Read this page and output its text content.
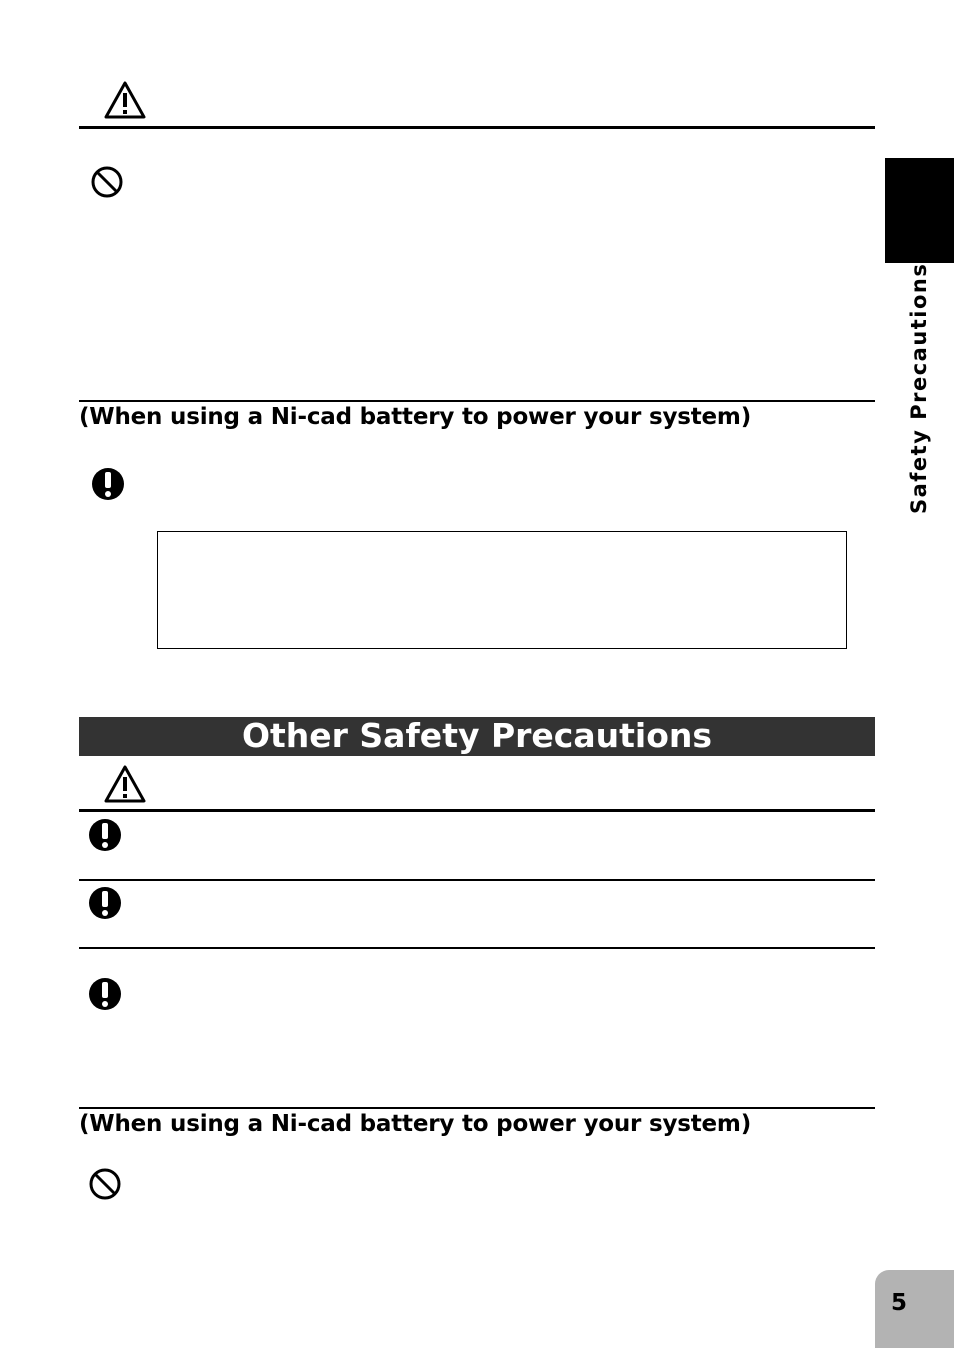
(When using a Ni-cad battery to power your system)
Other Safety Precautions
(When using a Ni-cad battery to power your system)
Safety Precautions
5
